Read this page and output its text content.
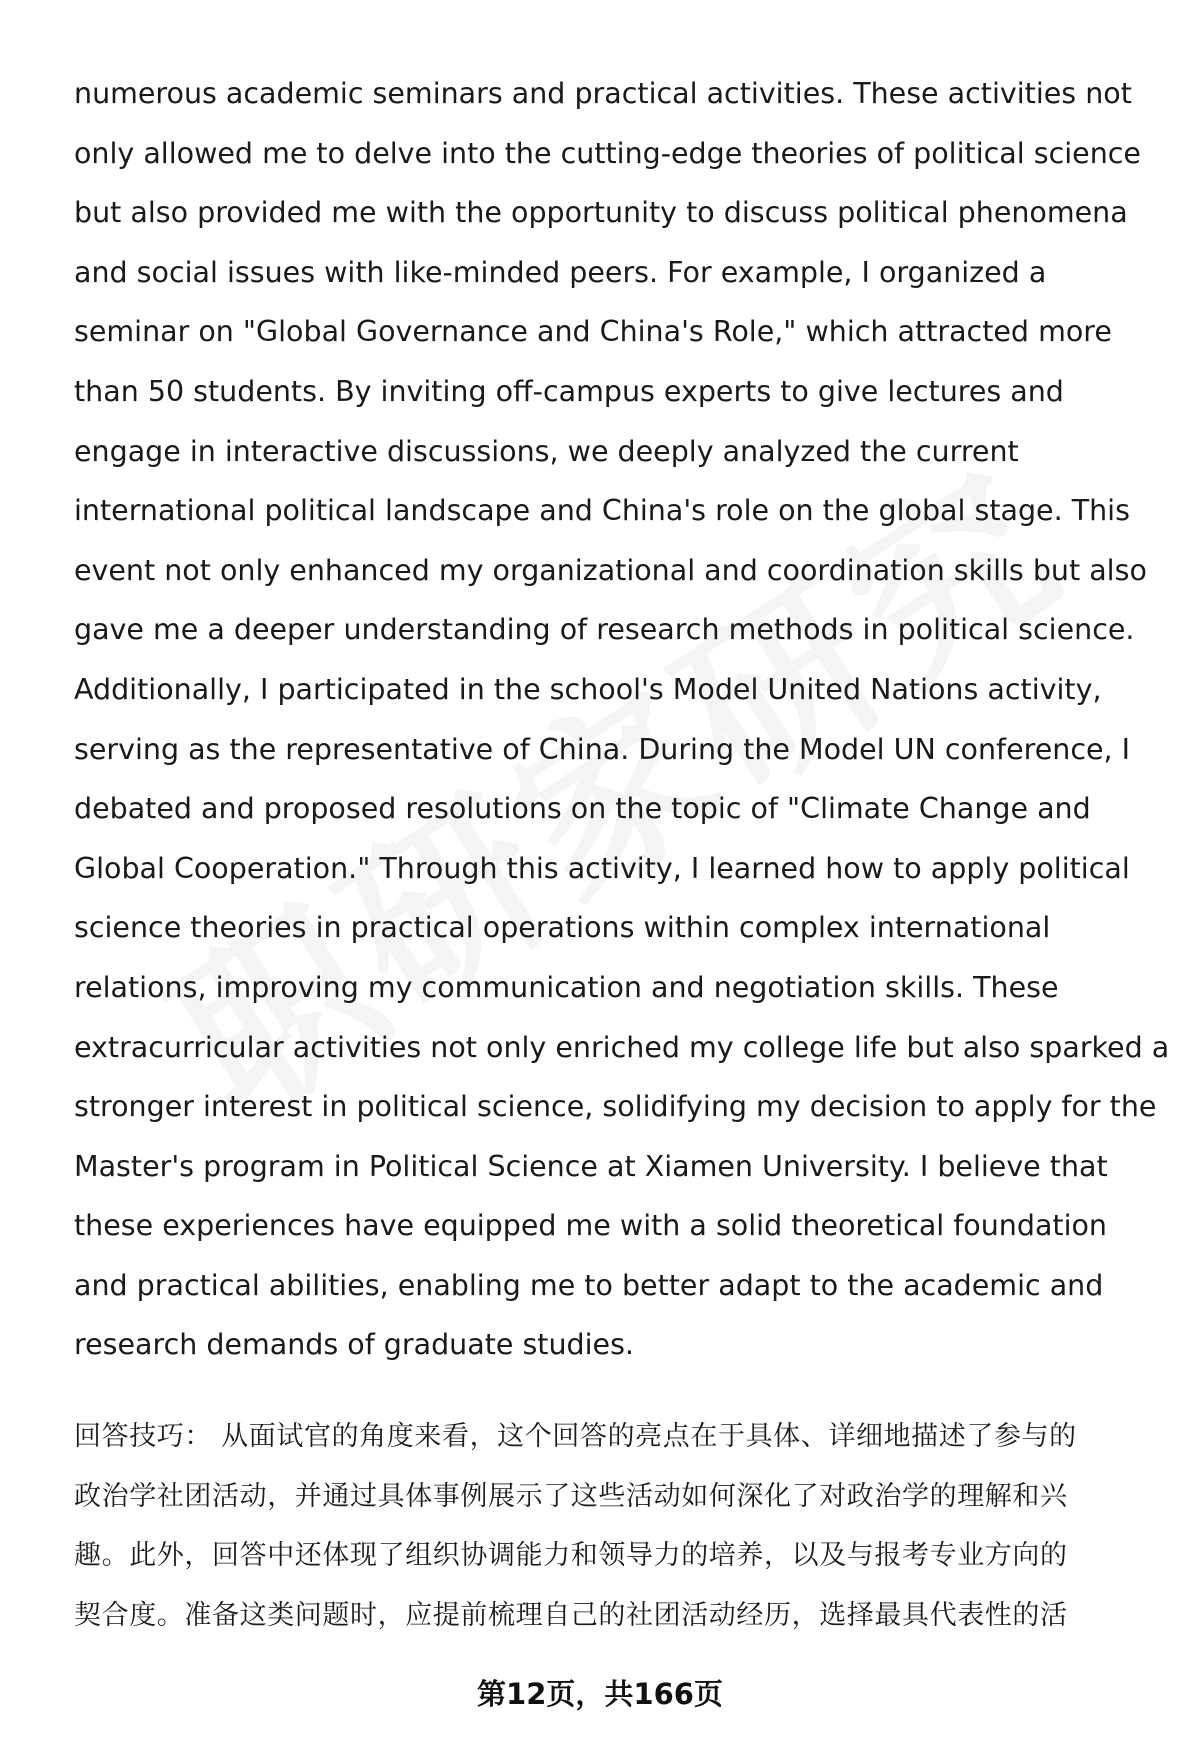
numerous academic seminars and practical activities. These activities not
only allowed me to delve into the cutting-edge theories of political science
but also provided me with the opportunity to discuss political phenomena
and social issues with like-minded peers. For example, I organized a
seminar on "Global Governance and China's Role," which attracted more
than 50 students. By inviting off-campus experts to give lectures and
engage in interactive discussions, we deeply analyzed the current
international political landscape and China's role on the global stage. This
event not only enhanced my organizational and coordination skills but also
gave me a deeper understanding of research methods in political science.
Additionally, I participated in the school's Model United Nations activity,
serving as the representative of China. During the Model UN conference, I
debated and proposed resolutions on the topic of "Climate Change and
Global Cooperation." Through this activity, I learned how to apply political
science theories in practical operations within complex international
relations, improving my communication and negotiation skills. These
extracurricular activities not only enriched my college life but also sparked a
stronger interest in political science, solidifying my decision to apply for the
Master's program in Political Science at Xiamen University. I believe that
these experiences have equipped me with a solid theoretical foundation
and practical abilities, enabling me to better adapt to the academic and
research demands of graduate studies.

回答技巧： 从面试官的角度来看，这个回答的亮点在于具体、详细地描述了参与的
政治学社团活动，并通过具体事例展示了这些活动如何深化了对政治学的理解和兴
趣。此外，回答中还体现了组织协调能力和领导力的培养，以及与报考专业方向的
契合度。准备这类问题时，应提前梳理自己的社团活动经历，选择最具代表性的活
第12页，共166页
